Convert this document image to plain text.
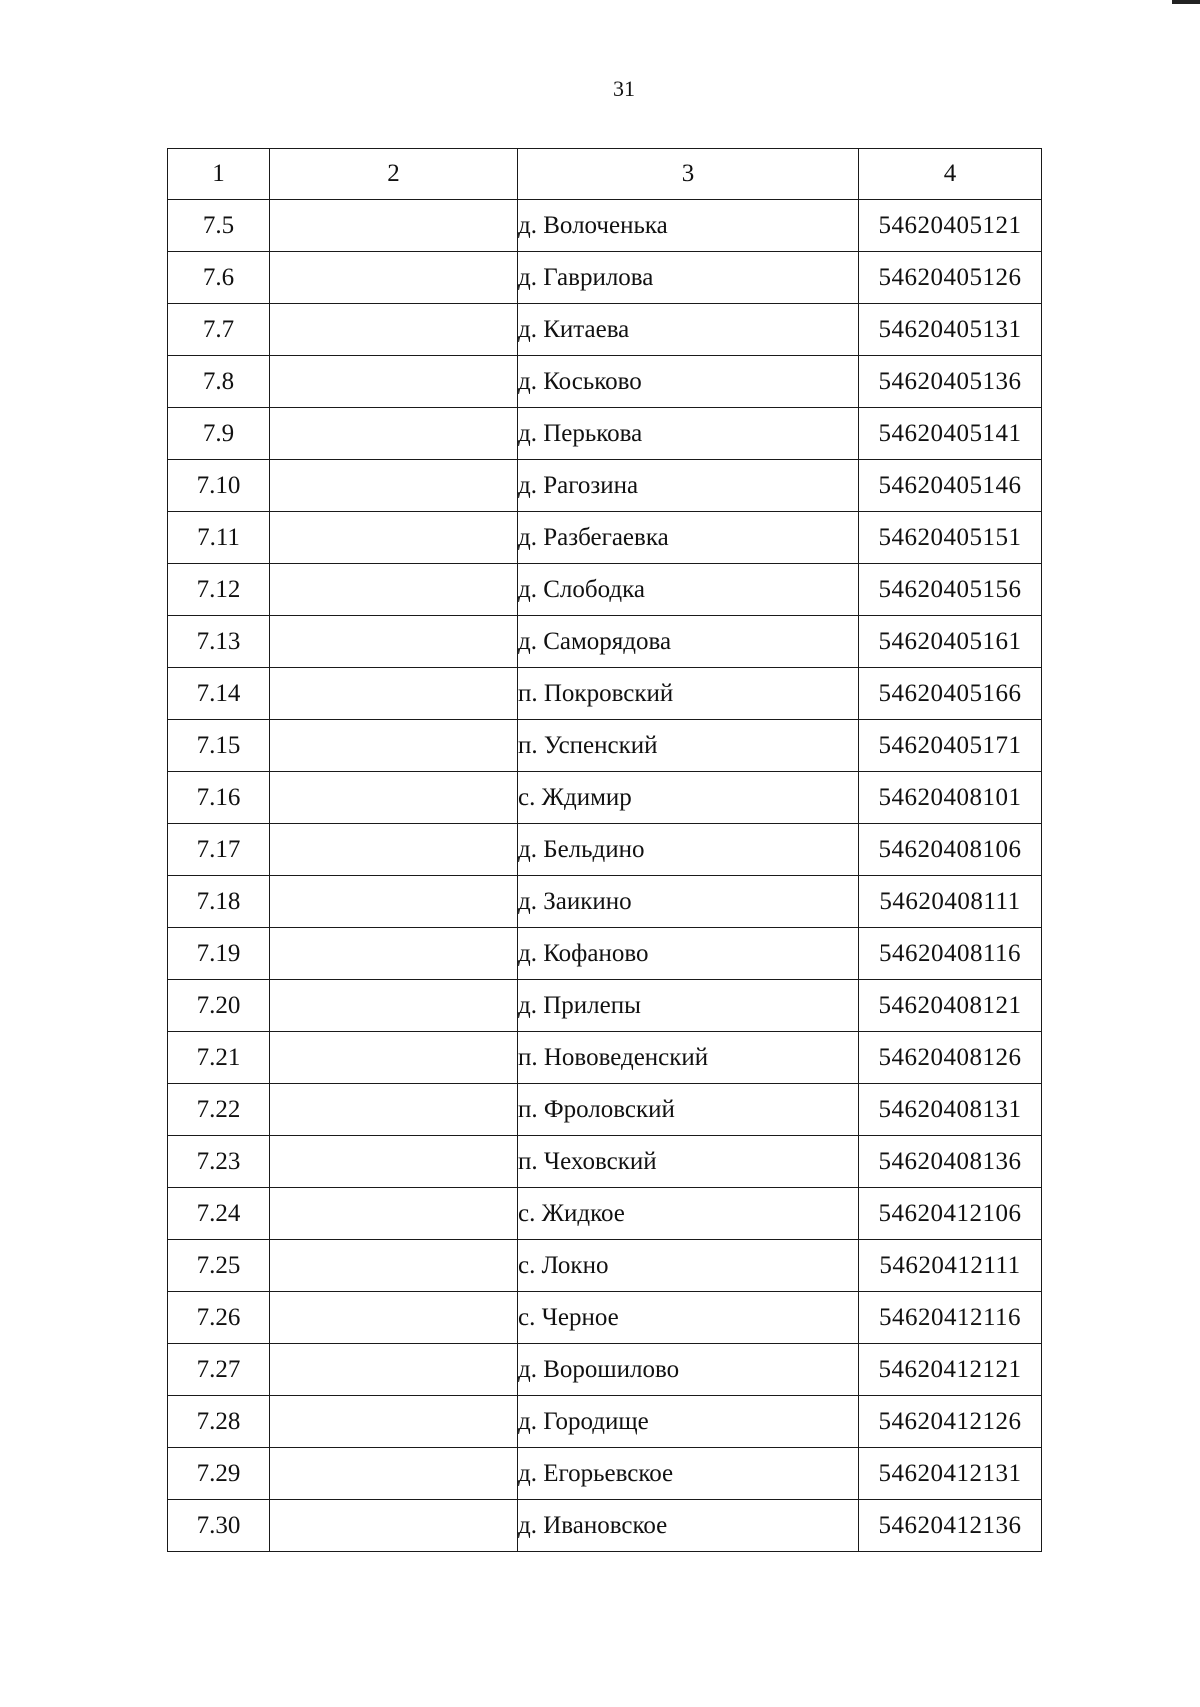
31
1	2	3	4
7.5		д. Волоченька	54620405121
7.6		д. Гаврилова	54620405126
7.7		д. Китаева	54620405131
7.8		д. Коськово	54620405136
7.9		д. Перькова	54620405141
7.10		д. Рагозина	54620405146
7.11		д. Разбегаевка	54620405151
7.12		д. Слободка	54620405156
7.13		д. Саморядова	54620405161
7.14		п. Покровский	54620405166
7.15		п. Успенский	54620405171
7.16		с. Ждимир	54620408101
7.17		д. Бельдино	54620408106
7.18		д. Заикино	54620408111
7.19		д. Кофаново	54620408116
7.20		д. Прилепы	54620408121
7.21		п. Нововеденский	54620408126
7.22		п. Фроловский	54620408131
7.23		п. Чеховский	54620408136
7.24		с. Жидкое	54620412106
7.25		с. Локно	54620412111
7.26		с. Черное	54620412116
7.27		д. Ворошилово	54620412121
7.28		д. Городище	54620412126
7.29		д. Егорьевское	54620412131
7.30		д. Ивановское	54620412136
